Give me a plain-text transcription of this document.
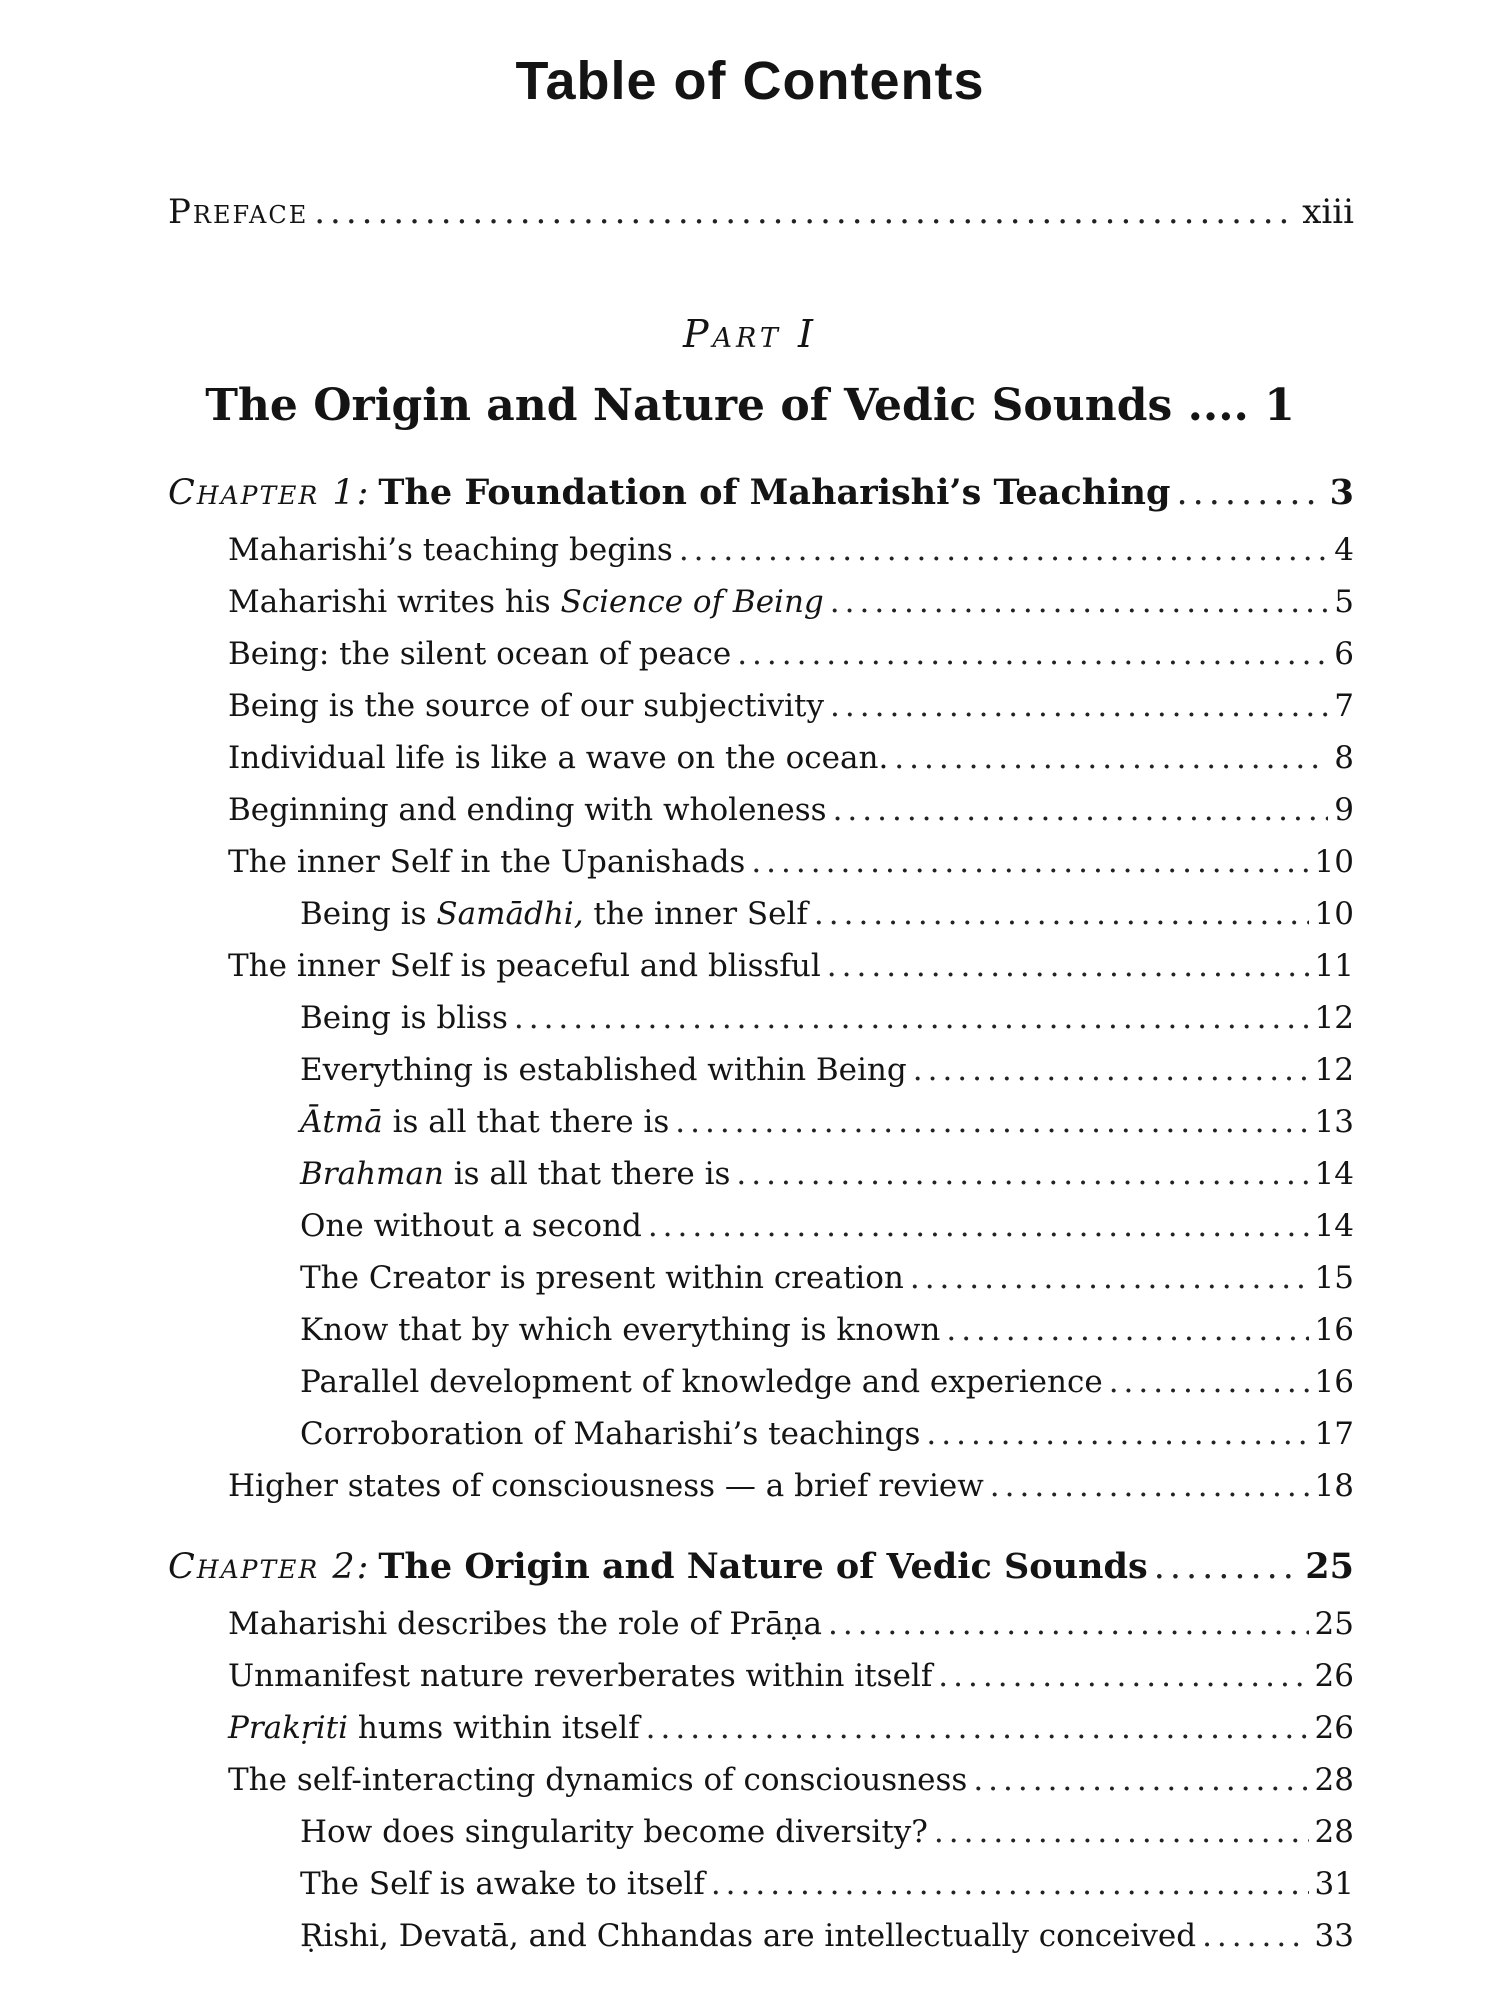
Table of Contents
Preface .....	xiii
Part I
The Origin and Nature of Vedic Sounds .... 1
Chapter 1: The Foundation of Maharishi’s Teaching .....	3
Maharishi’s teaching begins .....	4
Maharishi writes his Science of Being .....	5
Being: the silent ocean of peace .....	6
Being is the source of our subjectivity .....	7
Individual life is like a wave on the ocean. .....	8
Beginning and ending with wholeness .....	9
The inner Self in the Upanishads .....	10
Being is Samādhi, the inner Self .....	10
The inner Self is peaceful and blissful .....	11
Being is bliss .....	12
Everything is established within Being .....	12
Ātmā is all that there is .....	13
Brahman is all that there is .....	14
One without a second .....	14
The Creator is present within creation .....	15
Know that by which everything is known .....	16
Parallel development of knowledge and experience .....	16
Corroboration of Maharishi’s teachings .....	17
Higher states of consciousness — a brief review .....	18
Chapter 2: The Origin and Nature of Vedic Sounds .....	25
Maharishi describes the role of Prāṇa .....	25
Unmanifest nature reverberates within itself .....	26
Prakṛiti hums within itself .....	26
The self-interacting dynamics of consciousness .....	28
How does singularity become diversity? .....	28
The Self is awake to itself .....	31
Ṛishi, Devatā, and Chhandas are intellectually conceived .....	33
